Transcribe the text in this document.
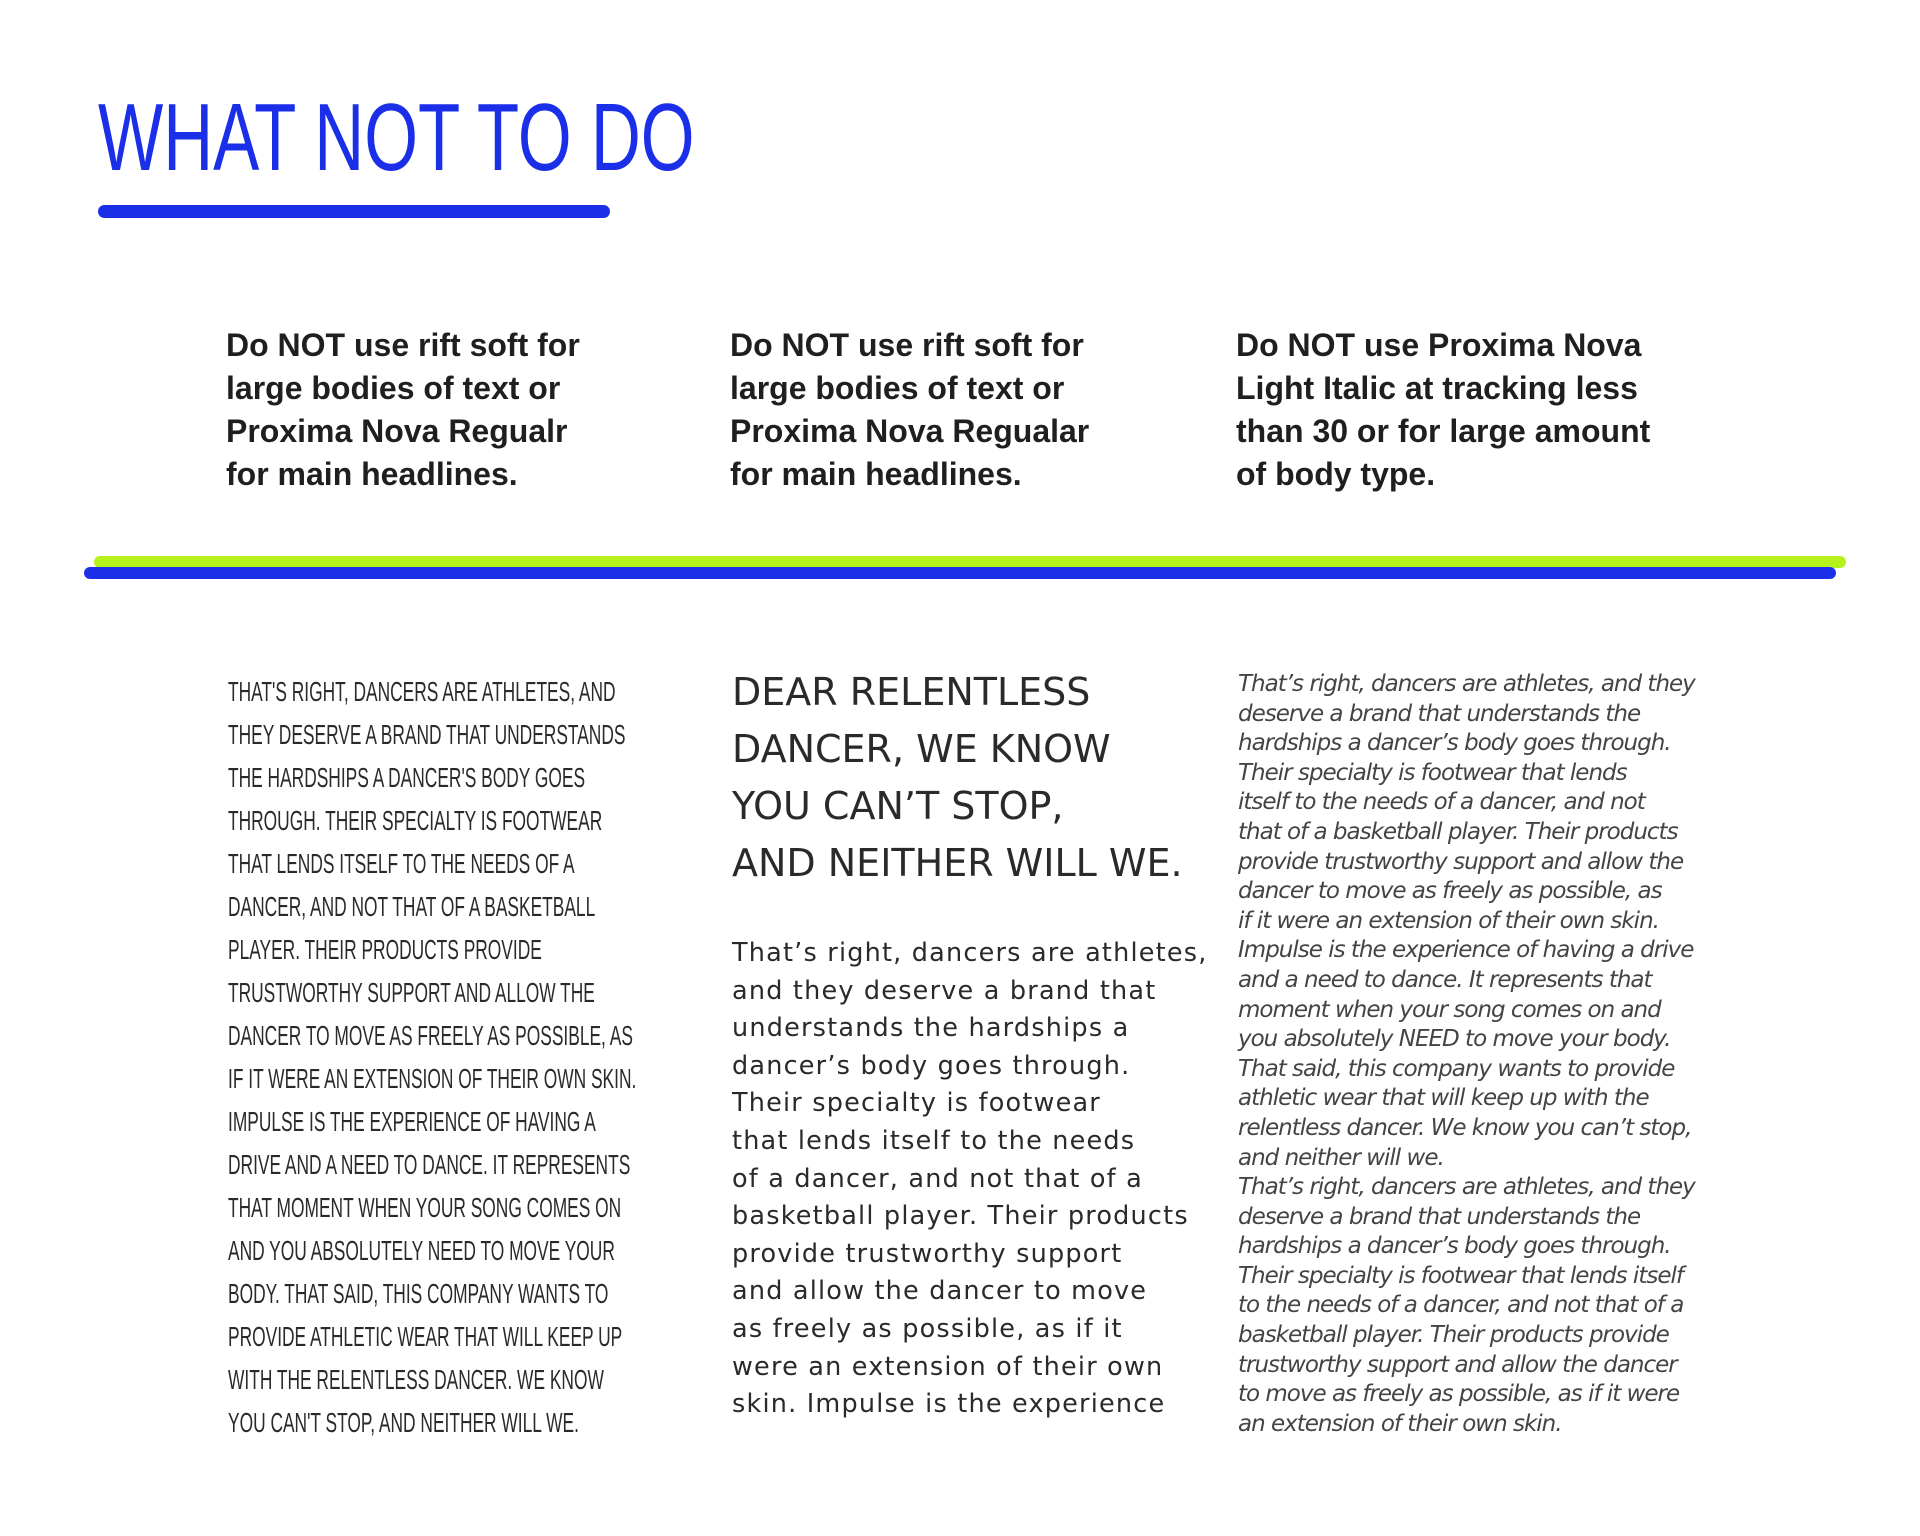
WHAT NOT TO DO
Do NOT use rift soft for
large bodies of text or
Proxima Nova Regualr
for main headlines.
Do NOT use rift soft for
large bodies of text or
Proxima Nova Regualar
for main headlines.
Do NOT use Proxima Nova
Light Italic at tracking less
than 30 or for large amount
of body type.
THAT'S RIGHT, DANCERS ARE ATHLETES, AND
THEY DESERVE A BRAND THAT UNDERSTANDS
THE HARDSHIPS A DANCER'S BODY GOES
THROUGH. THEIR SPECIALTY IS FOOTWEAR
THAT LENDS ITSELF TO THE NEEDS OF A
DANCER, AND NOT THAT OF A BASKETBALL
PLAYER. THEIR PRODUCTS PROVIDE
TRUSTWORTHY SUPPORT AND ALLOW THE
DANCER TO MOVE AS FREELY AS POSSIBLE, AS
IF IT WERE AN EXTENSION OF THEIR OWN SKIN.
IMPULSE IS THE EXPERIENCE OF HAVING A
DRIVE AND A NEED TO DANCE. IT REPRESENTS
THAT MOMENT WHEN YOUR SONG COMES ON
AND YOU ABSOLUTELY NEED TO MOVE YOUR
BODY. THAT SAID, THIS COMPANY WANTS TO
PROVIDE ATHLETIC WEAR THAT WILL KEEP UP
WITH THE RELENTLESS DANCER. WE KNOW
YOU CAN'T STOP, AND NEITHER WILL WE.
DEAR RELENTLESS
DANCER, WE KNOW
YOU CAN’T STOP,
AND NEITHER WILL WE.
That’s right, dancers are athletes,
and they deserve a brand that
understands the hardships a
dancer’s body goes through.
Their specialty is footwear
that lends itself to the needs
of a dancer, and not that of a
basketball player. Their products
provide trustworthy support
and allow the dancer to move
as freely as possible, as if it
were an extension of their own
skin. Impulse is the experience
That’s right, dancers are athletes, and they
deserve a brand that understands the
hardships a dancer’s body goes through.
Their specialty is footwear that lends
itself to the needs of a dancer, and not
that of a basketball player. Their products
provide trustworthy support and allow the
dancer to move as freely as possible, as
if it were an extension of their own skin.
Impulse is the experience of having a drive
and a need to dance. It represents that
moment when your song comes on and
you absolutely NEED to move your body.
That said, this company wants to provide
athletic wear that will keep up with the
relentless dancer. We know you can’t stop,
and neither will we.
That’s right, dancers are athletes, and they
deserve a brand that understands the
hardships a dancer’s body goes through.
Their specialty is footwear that lends itself
to the needs of a dancer, and not that of a
basketball player. Their products provide
trustworthy support and allow the dancer
to move as freely as possible, as if it were
an extension of their own skin.
